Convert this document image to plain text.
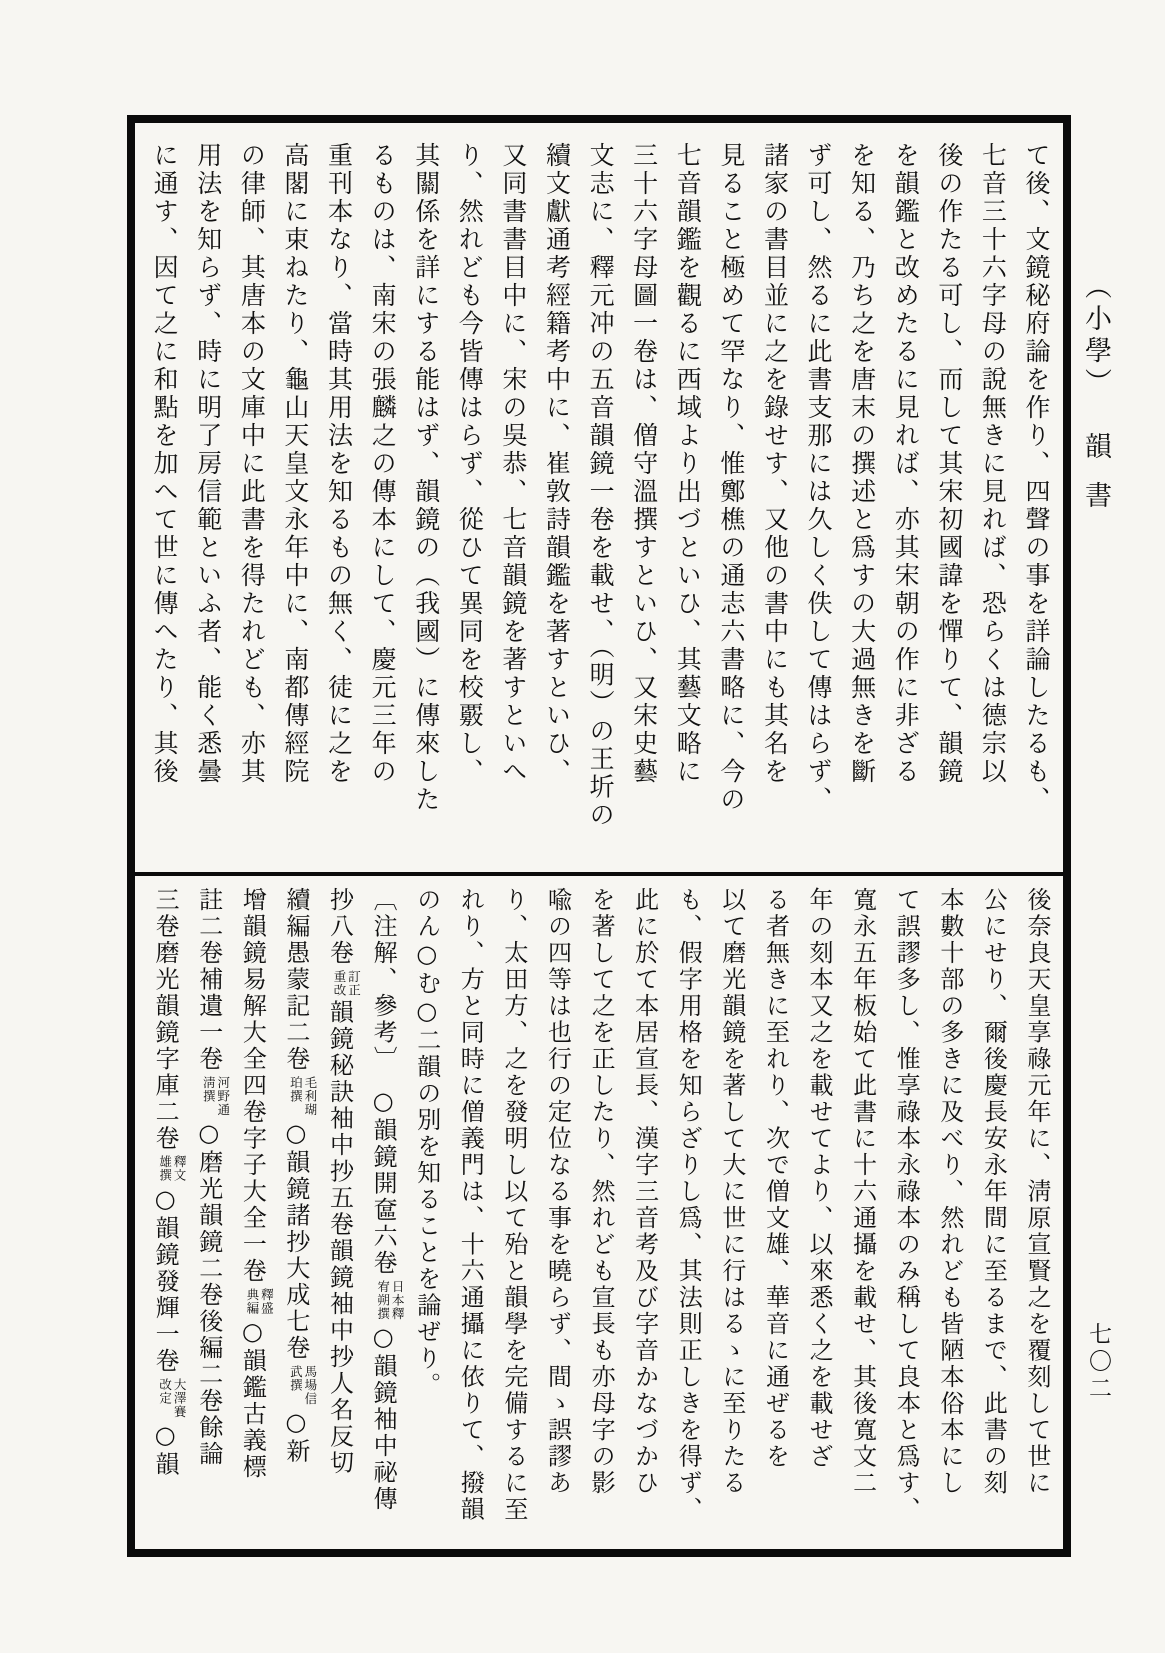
て後、文鏡秘府論を作り、四聲の事を詳論したるも、
七音三十六字母の說無きに見れば、恐らくは德宗以
後の作たる可し、而して其宋初國諱を憚りて、韻鏡
を韻鑑と改めたるに見れば、亦其宋朝の作に非ざる
を知る、乃ち之を唐末の撰述と爲すの大過無きを斷
ず可し、然るに此書支那には久しく佚して傳はらず、
諸家の書目並に之を錄せす、又他の書中にも其名を
見ること極めて罕なり、惟鄭樵の通志六書略に、今の
七音韻鑑を觀るに西域より出づといひ、其藝文略に
三十六字母圖一卷は、僧守溫撰すといひ、又宋史藝
文志に、釋元冲の五音韻鏡一卷を載せ、（明）の王圻の
續文獻通考經籍考中に、崔敦詩韻鑑を著すといひ、
又同書書目中に、宋の吳恭、七音韻鏡を著すといへ
り、然れども今皆傳はらず、從ひて異同を校覈し、
其關係を詳にする能はず、韻鏡の（我國）に傳來した
るものは、南宋の張麟之の傳本にして、慶元三年の
重刊本なり、當時其用法を知るもの無く、徒に之を
高閣に束ねたり、龜山天皇文永年中に、南都傳經院
の律師、其唐本の文庫中に此書を得たれども、亦其
用法を知らず、時に明了房信範といふ者、能く悉曇
に通す、因て之に和點を加へて世に傳へたり、其後
後奈良天皇享祿元年に、淸原宣賢之を覆刻して世に
公にせり、爾後慶長安永年間に至るまで、此書の刻
本數十部の多きに及べり、然れども皆陋本俗本にし
て誤謬多し、惟享祿本永祿本のみ稱して良本と爲す、
寬永五年板始て此書に十六通攝を載せ、其後寬文二
年の刻本又之を載せてより、以來悉く之を載せざ
る者無きに至れり、次で僧文雄、華音に通ぜるを
以て磨光韻鏡を著して大に世に行はるゝに至りたる
も、假字用格を知らざりし爲、其法則正しきを得ず、
此に於て本居宣長、漢字三音考及び字音かなづかひ
を著して之を正したり、然れども宣長も亦母字の影
喩の四等は也行の定位なる事を曉らず、間ゝ誤謬あ
り、太田方、之を發明し以て殆と韻學を完備するに至
れり、方と同時に僧義門は、十六通攝に依りて、撥韻
のん○む○二韻の別を知ることを論ぜり。
〔注解、參考〕　○韻鏡開奩六卷
日本釋
宥朔撰
○韻鏡袖中祕傳
抄八卷
訂正
重改
韻鏡秘訣袖中抄五卷韻鏡袖中抄人名反切
續編愚蒙記二卷
毛利瑚
珀撰
○韻鏡諸抄大成七卷
馬場信
武撰
○新
增韻鏡易解大全四卷字子大全一卷
釋盛
典編
○韻鑑古義標
註二卷補遺一卷
河野通
淸撰
○磨光韻鏡二卷後編二卷餘論
三卷磨光韻鏡字庫二卷
釋文
雄撰
○韻鏡發輝一卷
大澤賽
改定
○韻
（小學）
韻書
七〇二
